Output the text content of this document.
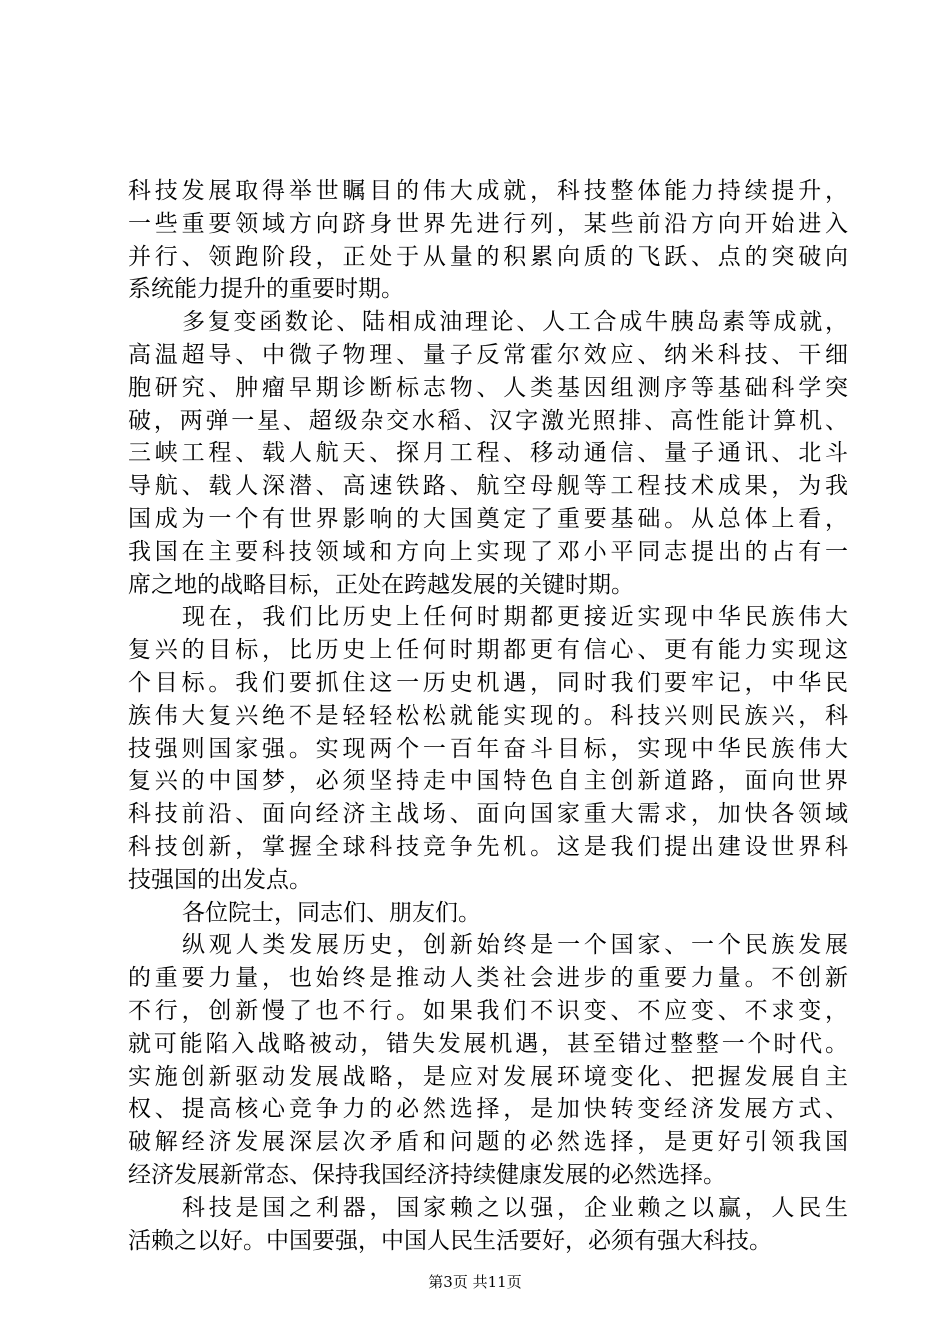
科技发展取得举世瞩目的伟大成就，科技整体能力持续提升，
一些重要领域方向跻身世界先进行列，某些前沿方向开始进入
并行、领跑阶段，正处于从量的积累向质的飞跃、点的突破向
系统能力提升的重要时期。
多复变函数论、陆相成油理论、人工合成牛胰岛素等成就，
高温超导、中微子物理、量子反常霍尔效应、纳米科技、干细
胞研究、肿瘤早期诊断标志物、人类基因组测序等基础科学突
破，两弹一星、超级杂交水稻、汉字激光照排、高性能计算机、
三峡工程、载人航天、探月工程、移动通信、量子通讯、北斗
导航、载人深潜、高速铁路、航空母舰等工程技术成果，为我
国成为一个有世界影响的大国奠定了重要基础。从总体上看，
我国在主要科技领域和方向上实现了邓小平同志提出的占有一
席之地的战略目标，正处在跨越发展的关键时期。
现在，我们比历史上任何时期都更接近实现中华民族伟大
复兴的目标，比历史上任何时期都更有信心、更有能力实现这
个目标。我们要抓住这一历史机遇，同时我们要牢记，中华民
族伟大复兴绝不是轻轻松松就能实现的。科技兴则民族兴，科
技强则国家强。实现两个一百年奋斗目标，实现中华民族伟大
复兴的中国梦，必须坚持走中国特色自主创新道路，面向世界
科技前沿、面向经济主战场、面向国家重大需求，加快各领域
科技创新，掌握全球科技竞争先机。这是我们提出建设世界科
技强国的出发点。
各位院士，同志们、朋友们。
纵观人类发展历史，创新始终是一个国家、一个民族发展
的重要力量，也始终是推动人类社会进步的重要力量。不创新
不行，创新慢了也不行。如果我们不识变、不应变、不求变，
就可能陷入战略被动，错失发展机遇，甚至错过整整一个时代。
实施创新驱动发展战略，是应对发展环境变化、把握发展自主
权、提高核心竞争力的必然选择，是加快转变经济发展方式、
破解经济发展深层次矛盾和问题的必然选择，是更好引领我国
经济发展新常态、保持我国经济持续健康发展的必然选择。
科技是国之利器，国家赖之以强，企业赖之以赢，人民生
活赖之以好。中国要强，中国人民生活要好，必须有强大科技。
第3页 共11页
